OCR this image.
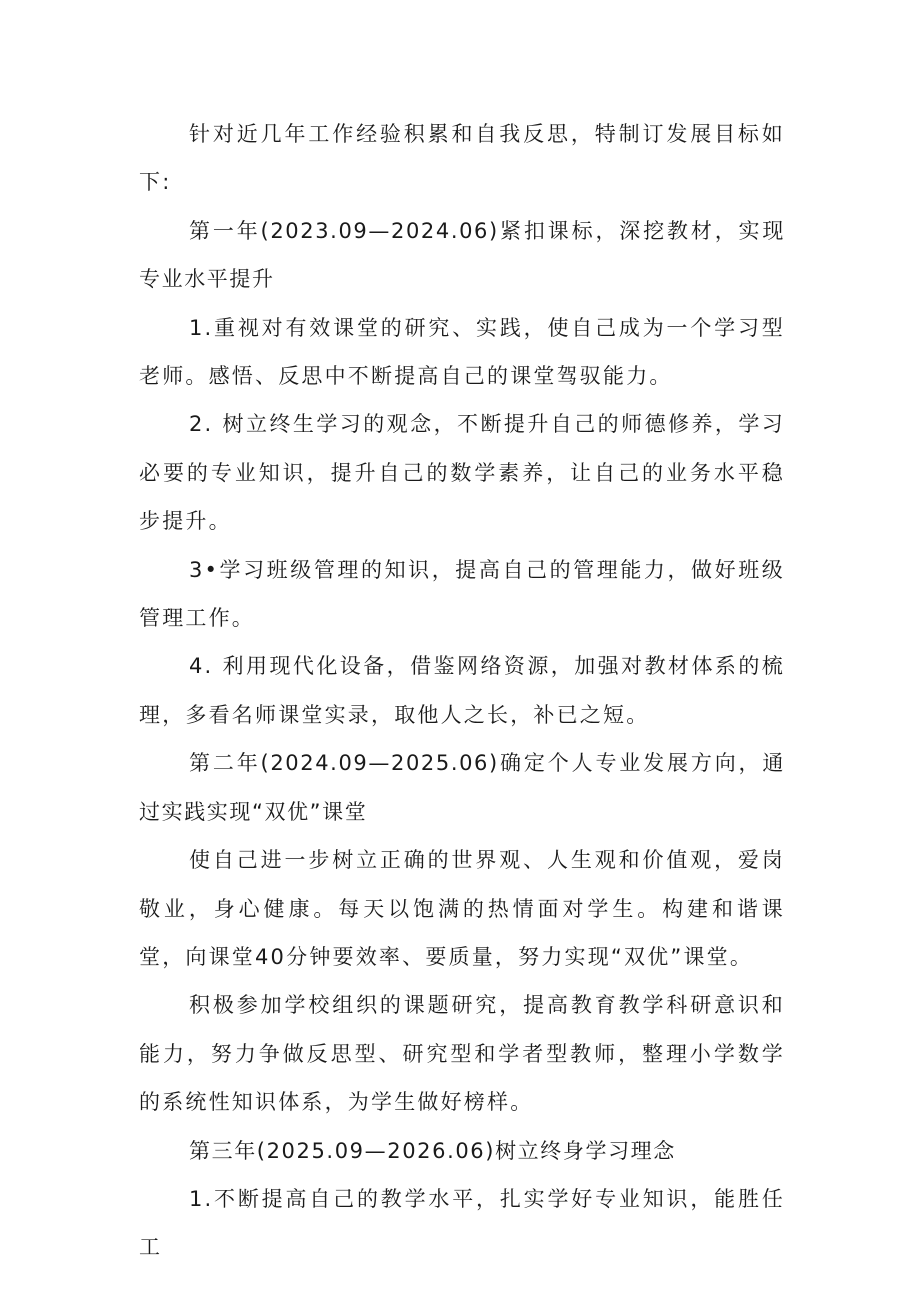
针对近几年工作经验积累和自我反思，特制订发展目标如下:

第一年(2023.09—2024.06)紧扣课标，深挖教材，实现专业水平提升

1.重视对有效课堂的研究、实践，使自己成为一个学习型老师。感悟、反思中不断提高自己的课堂驾驭能力。

2. 树立终生学习的观念，不断提升自己的师德修养，学习必要的专业知识，提升自己的数学素养，让自己的业务水平稳步提升。

3•学习班级管理的知识，提高自己的管理能力，做好班级管理工作。

4. 利用现代化设备，借鉴网络资源，加强对教材体系的梳理，多看名师课堂实录，取他人之长，补已之短。

第二年(2024.09—2025.06)确定个人专业发展方向，通过实践实现“双优”课堂

使自己进一步树立正确的世界观、人生观和价值观，爱岗敬业，身心健康。每天以饱满的热情面对学生。构建和谐课堂，向课堂40分钟要效率、要质量，努力实现“双优”课堂。

积极参加学校组织的课题研究，提高教育教学科研意识和能力，努力争做反思型、研究型和学者型教师，整理小学数学的系统性知识体系，为学生做好榜样。

第三年(2025.09—2026.06)树立终身学习理念

1.不断提高自己的教学水平，扎实学好专业知识，能胜任工
